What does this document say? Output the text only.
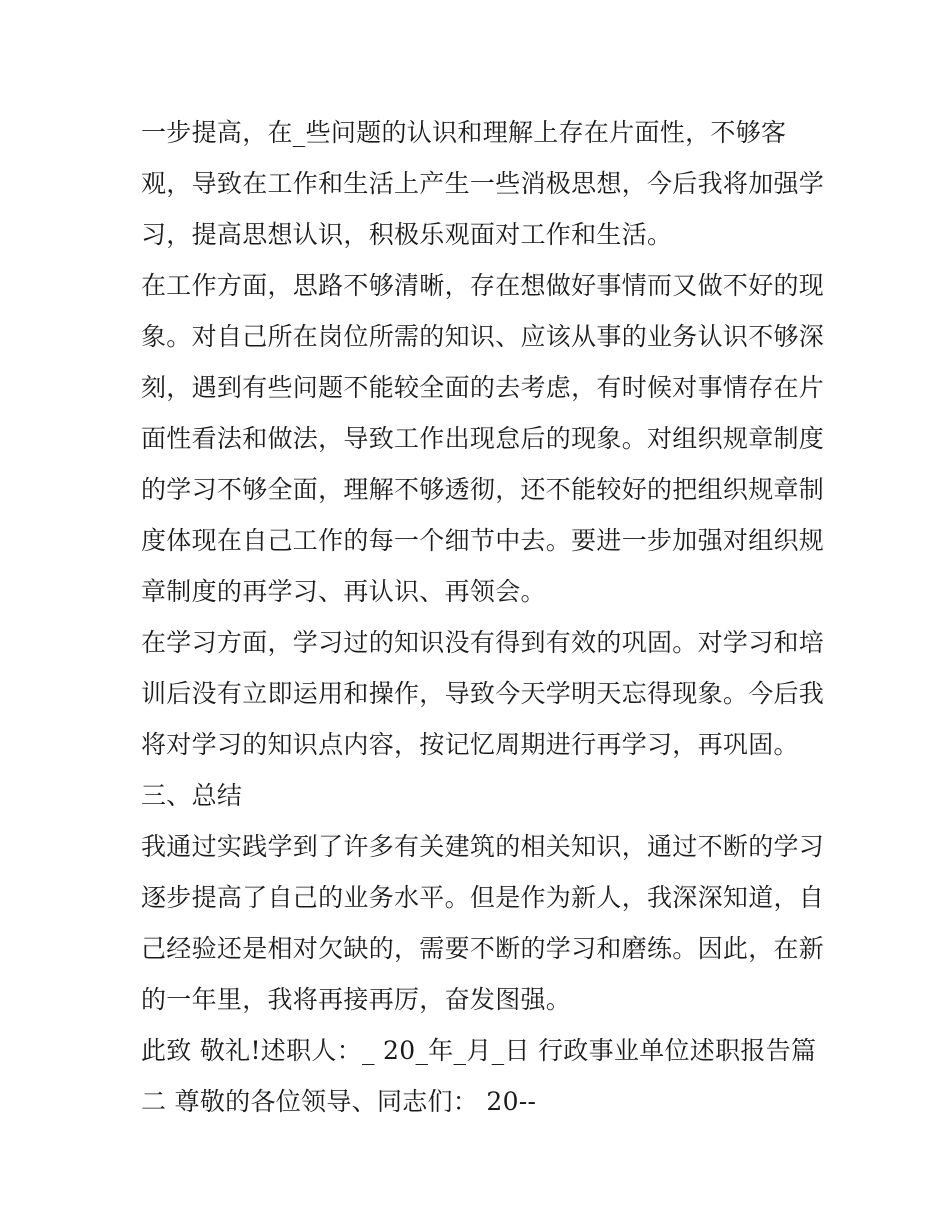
一步提高，在_些问题的认识和理解上存在片面性，不够客
观，导致在工作和生活上产生一些消极思想，今后我将加强学
习，提高思想认识，积极乐观面对工作和生活。
在工作方面，思路不够清晰，存在想做好事情而又做不好的现
象。对自己所在岗位所需的知识、应该从事的业务认识不够深
刻，遇到有些问题不能较全面的去考虑，有时候对事情存在片
面性看法和做法，导致工作出现怠后的现象。对组织规章制度
的学习不够全面，理解不够透彻，还不能较好的把组织规章制
度体现在自己工作的每一个细节中去。要进一步加强对组织规
章制度的再学习、再认识、再领会。
在学习方面，学习过的知识没有得到有效的巩固。对学习和培
训后没有立即运用和操作，导致今天学明天忘得现象。今后我
将对学习的知识点内容，按记忆周期进行再学习，再巩固。
三、总结
我通过实践学到了许多有关建筑的相关知识，通过不断的学习
逐步提高了自己的业务水平。但是作为新人，我深深知道，自
己经验还是相对欠缺的，需要不断的学习和磨练。因此，在新
的一年里，我将再接再厉，奋发图强。
此致 敬礼!述职人：_ 20_年_月_日 行政事业单位述职报告篇
二 尊敬的各位领导、同志们： 20--
